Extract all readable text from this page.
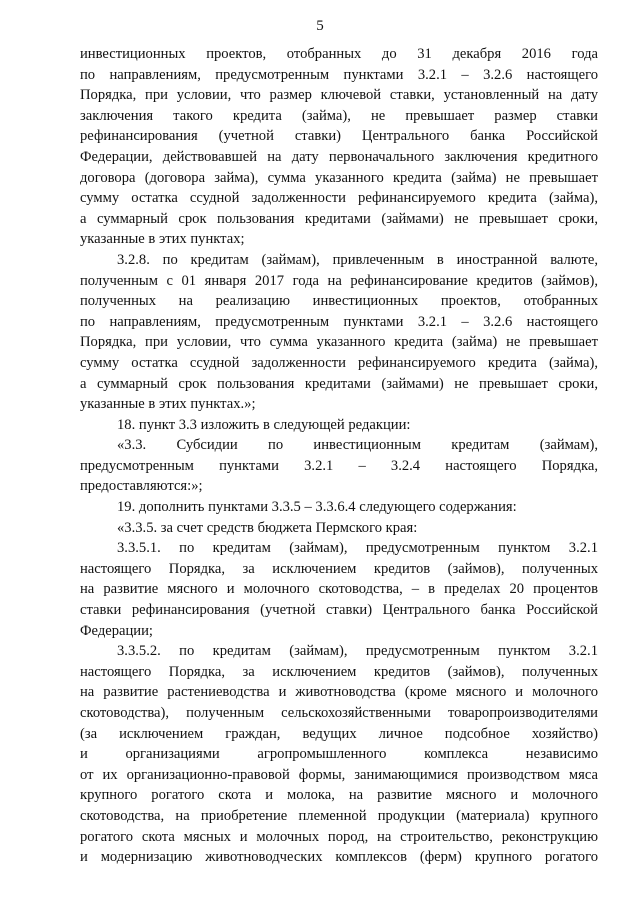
5
инвестиционных проектов, отобранных до 31 декабря 2016 года
по направлениям, предусмотренным пунктами 3.2.1 – 3.2.6 настоящего
Порядка, при условии, что размер ключевой ставки, установленный на дату
заключения такого кредита (займа), не превышает размер ставки
рефинансирования (учетной ставки) Центрального банка Российской
Федерации, действовавшей на дату первоначального заключения кредитного
договора (договора займа), сумма указанного кредита (займа) не превышает
сумму остатка ссудной задолженности рефинансируемого кредита (займа),
а суммарный срок пользования кредитами (займами) не превышает сроки,
указанные в этих пунктах;
3.2.8. по кредитам (займам), привлеченным в иностранной валюте,
полученным с 01 января 2017 года на рефинансирование кредитов (займов),
полученных на реализацию инвестиционных проектов, отобранных
по направлениям, предусмотренным пунктами 3.2.1 – 3.2.6 настоящего
Порядка, при условии, что сумма указанного кредита (займа) не превышает
сумму остатка ссудной задолженности рефинансируемого кредита (займа),
а суммарный срок пользования кредитами (займами) не превышает сроки,
указанные в этих пунктах.»;
18. пункт 3.3 изложить в следующей редакции:
«3.3. Субсидии по инвестиционным кредитам (займам),
предусмотренным пунктами 3.2.1 – 3.2.4 настоящего Порядка,
предоставляются:»;
19. дополнить пунктами 3.3.5 – 3.3.6.4 следующего содержания:
«3.3.5. за счет средств бюджета Пермского края:
3.3.5.1. по кредитам (займам), предусмотренным пунктом 3.2.1
настоящего Порядка, за исключением кредитов (займов), полученных
на развитие мясного и молочного скотоводства, – в пределах 20 процентов
ставки рефинансирования (учетной ставки) Центрального банка Российской
Федерации;
3.3.5.2. по кредитам (займам), предусмотренным пунктом 3.2.1
настоящего Порядка, за исключением кредитов (займов), полученных
на развитие растениеводства и животноводства (кроме мясного и молочного
скотоводства), полученным сельскохозяйственными товаропроизводителями
(за исключением граждан, ведущих личное подсобное хозяйство)
и организациями агропромышленного комплекса независимо
от их организационно-правовой формы, занимающимися производством мяса
крупного рогатого скота и молока, на развитие мясного и молочного
скотоводства, на приобретение племенной продукции (материала) крупного
рогатого скота мясных и молочных пород, на строительство, реконструкцию
и модернизацию животноводческих комплексов (ферм) крупного рогатого
